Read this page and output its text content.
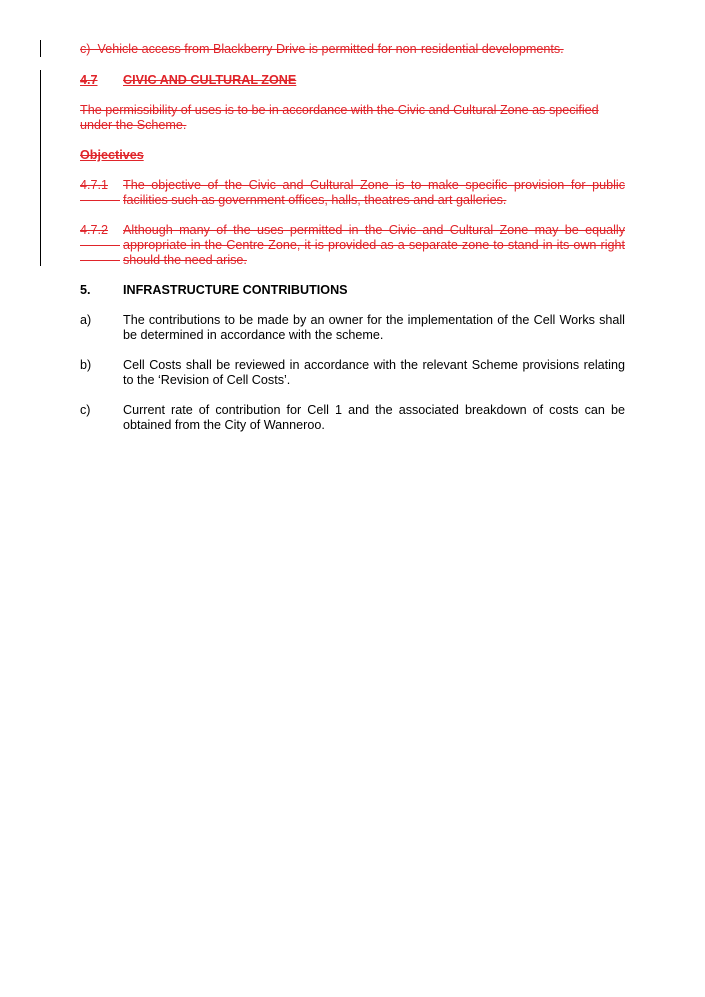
c)  Vehicle access from Blackberry Drive is permitted for non-residential developments.
4.7	CIVIC AND CULTURAL ZONE
The permissibility of uses is to be in accordance with the Civic and Cultural Zone as specified under the Scheme.
Objectives
4.7.1	The objective of the Civic and Cultural Zone is to make specific provision for public facilities such as government offices, halls, theatres and art galleries.
4.7.2	Although many of the uses permitted in the Civic and Cultural Zone may be equally appropriate in the Centre Zone, it is provided as a separate zone to stand in its own right should the need arise.
5.	INFRASTRUCTURE CONTRIBUTIONS
a)	The contributions to be made by an owner for the implementation of the Cell Works shall be determined in accordance with the scheme.
b)	Cell Costs shall be reviewed in accordance with the relevant Scheme provisions relating to the ‘Revision of Cell Costs’.
c)	Current rate of contribution for Cell 1 and the associated breakdown of costs can be obtained from the City of Wanneroo.
